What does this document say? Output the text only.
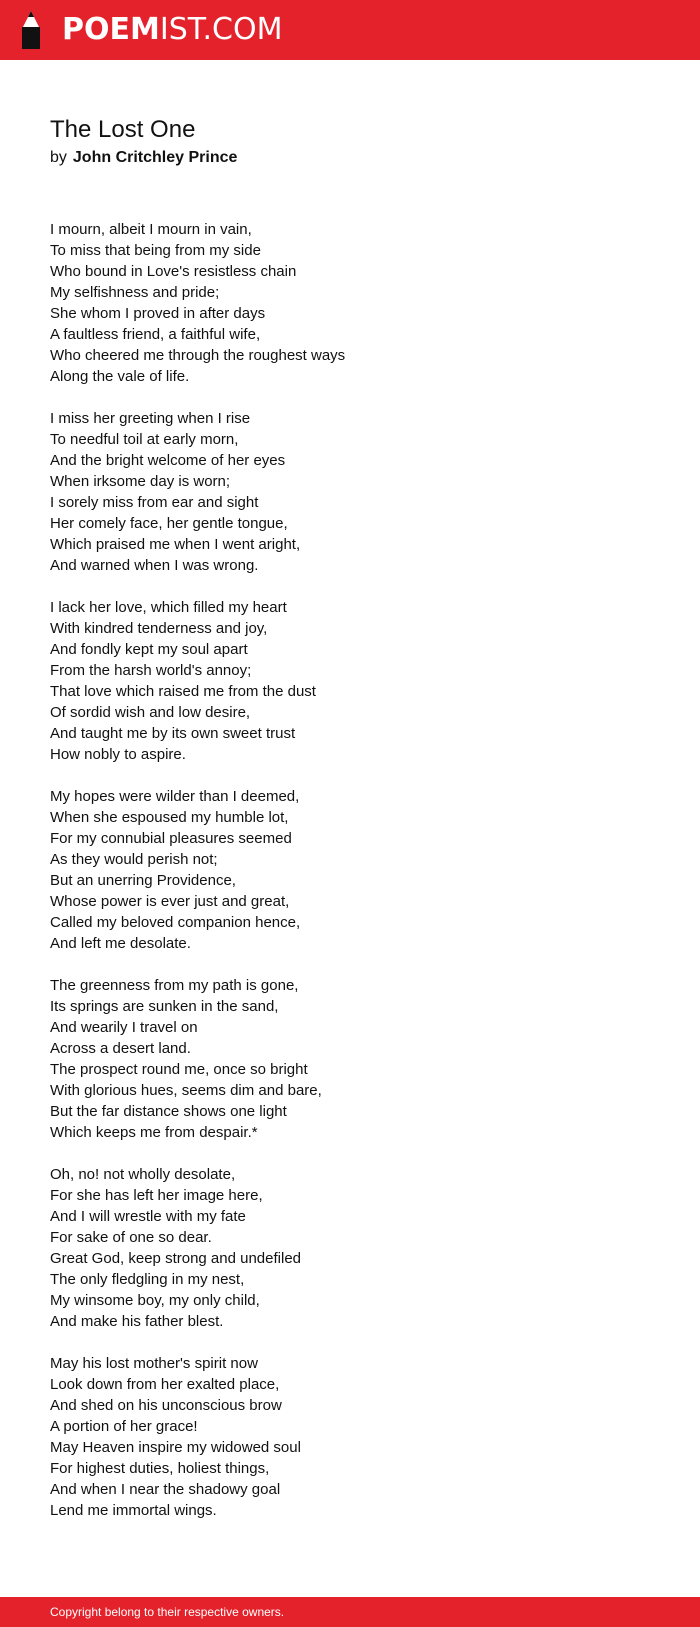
POEMIST.COM
The Lost One
by John Critchley Prince
I mourn, albeit I mourn in vain,
To miss that being from my side
Who bound in Love's resistless chain
My selfishness and pride;
She whom I proved in after days
A faultless friend, a faithful wife,
Who cheered me through the roughest ways
Along the vale of life.
I miss her greeting when I rise
To needful toil at early morn,
And the bright welcome of her eyes
When irksome day is worn;
I sorely miss from ear and sight
Her comely face, her gentle tongue,
Which praised me when I went aright,
And warned when I was wrong.
I lack her love, which filled my heart
With kindred tenderness and joy,
And fondly kept my soul apart
From the harsh world's annoy;
That love which raised me from the dust
Of sordid wish and low desire,
And taught me by its own sweet trust
How nobly to aspire.
My hopes were wilder than I deemed,
When she espoused my humble lot,
For my connubial pleasures seemed
As they would perish not;
But an unerring Providence,
Whose power is ever just and great,
Called my beloved companion hence,
And left me desolate.
The greenness from my path is gone,
Its springs are sunken in the sand,
And wearily I travel on
Across a desert land.
The prospect round me, once so bright
With glorious hues, seems dim and bare,
But the far distance shows one light
Which keeps me from despair.*
Oh, no! not wholly desolate,
For she has left her image here,
And I will wrestle with my fate
For sake of one so dear.
Great God, keep strong and undefiled
The only fledgling in my nest,
My winsome boy, my only child,
And make his father blest.
May his lost mother's spirit now
Look down from her exalted place,
And shed on his unconscious brow
A portion of her grace!
May Heaven inspire my widowed soul
For highest duties, holiest things,
And when I near the shadowy goal
Lend me immortal wings.
Copyright belong to their respective owners.
